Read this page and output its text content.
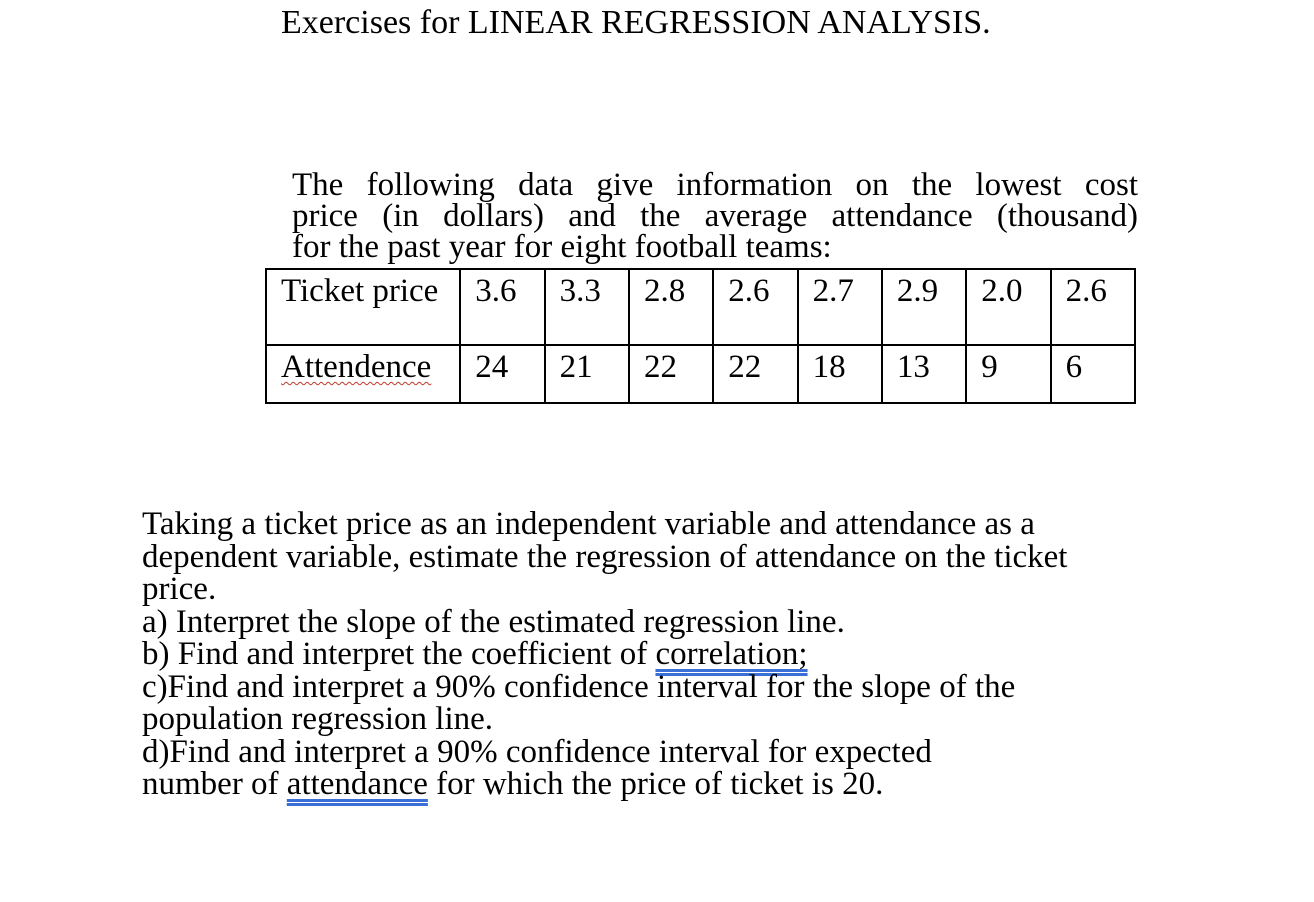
Exercises for LINEAR REGRESSION ANALYSIS.
The following data give information on the lowest cost
price (in dollars) and the average attendance (thousand)
for the past year for eight football teams:
Ticket price	3.6	3.3	2.8	2.6	2.7	2.9	2.0	2.6
Attendence	24	21	22	22	18	13	9	6
Taking a ticket price as an independent variable and attendance as a
dependent variable, estimate the regression of attendance on the ticket
price.
a) Interpret the slope of the estimated regression line.
b) Find and interpret the coefficient of correlation;
c)Find and interpret a 90% confidence interval for the slope of the
population regression line.
d)Find and interpret a 90% confidence interval for expected
number of attendance for which the price of ticket is 20.
